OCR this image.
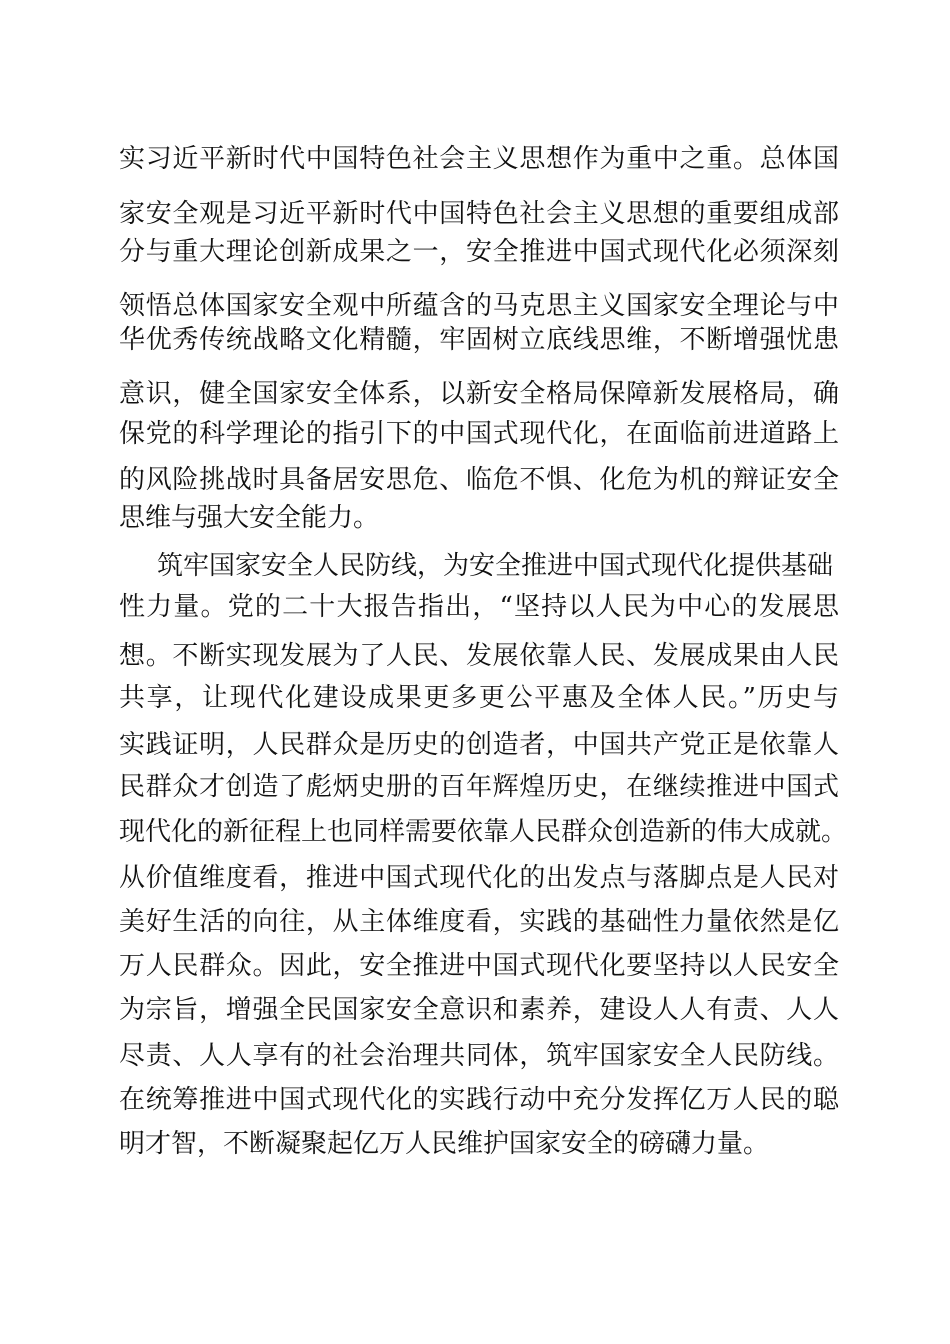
实习近平新时代中国特色社会主义思想作为重中之重。总体国
家安全观是习近平新时代中国特色社会主义思想的重要组成部
分与重大理论创新成果之一，安全推进中国式现代化必须深刻
领悟总体国家安全观中所蕴含的马克思主义国家安全理论与中
华优秀传统战略文化精髓，牢固树立底线思维，不断增强忧患
意识，健全国家安全体系，以新安全格局保障新发展格局，确
保党的科学理论的指引下的中国式现代化，在面临前进道路上
的风险挑战时具备居安思危、临危不惧、化危为机的辩证安全
思维与强大安全能力。
筑牢国家安全人民防线，为安全推进中国式现代化提供基础
性力量。党的二十大报告指出，“坚持以人民为中心的发展思
想。不断实现发展为了人民、发展依靠人民、发展成果由人民
共享，让现代化建设成果更多更公平惠及全体人民。”历史与
实践证明，人民群众是历史的创造者，中国共产党正是依靠人
民群众才创造了彪炳史册的百年辉煌历史，在继续推进中国式
现代化的新征程上也同样需要依靠人民群众创造新的伟大成就。
从价值维度看，推进中国式现代化的出发点与落脚点是人民对
美好生活的向往，从主体维度看，实践的基础性力量依然是亿
万人民群众。因此，安全推进中国式现代化要坚持以人民安全
为宗旨，增强全民国家安全意识和素养，建设人人有责、人人
尽责、人人享有的社会治理共同体，筑牢国家安全人民防线。
在统筹推进中国式现代化的实践行动中充分发挥亿万人民的聪
明才智，不断凝聚起亿万人民维护国家安全的磅礴力量。
